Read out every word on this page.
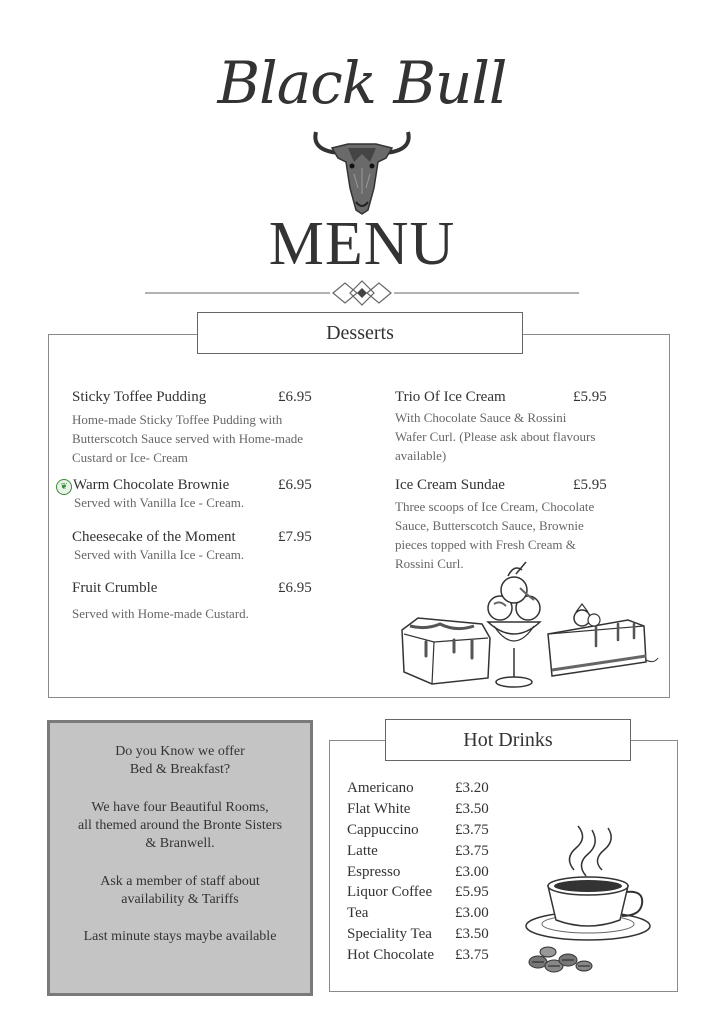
Black Bull
MENU
Desserts
Sticky Toffee Pudding	£6.95
Home-made Sticky Toffee Pudding with
Butterscotch Sauce served with Home-made
Custard or Ice- Cream
❦ Warm Chocolate Brownie	£6.95
Served with Vanilla Ice - Cream.
Cheesecake of the Moment	£7.95
Served with Vanilla Ice - Cream.
Fruit Crumble	£6.95
Served with Home-made Custard.
Trio Of Ice Cream	£5.95
With Chocolate Sauce & Rossini
Wafer Curl. (Please ask about flavours
available)
Ice Cream Sundae	£5.95
Three scoops of Ice Cream, Chocolate
Sauce, Butterscotch Sauce, Brownie
pieces topped with Fresh Cream &
Rossini Curl.
Do you Know we offer
Bed & Breakfast?
We have four Beautiful Rooms,
all themed around the Bronte Sisters
& Branwell.
Ask a member of staff about
availability & Tariffs
Last minute stays maybe available
Hot Drinks
Americano	£3.20
Flat White	£3.50
Cappuccino £3.75
Latte	£3.75
Espresso	£3.00
Liquor Coffee £5.95
Tea	£3.00
Speciality Tea £3.50
Hot Chocolate £3.75
